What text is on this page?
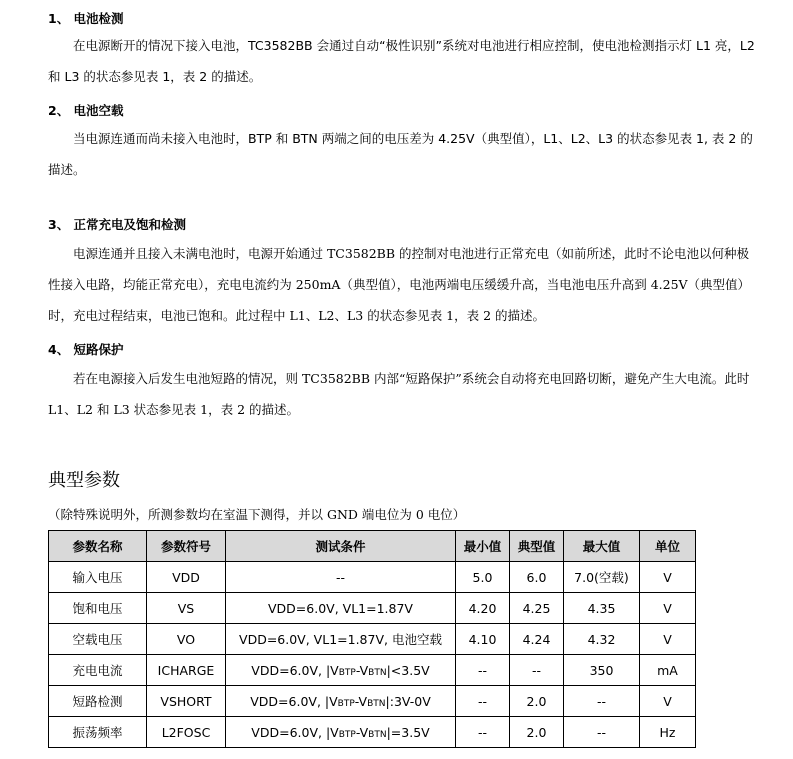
1、 电池检测

在电源断开的情况下接入电池，TC3582BB 会通过自动“极性识别”系统对电池进行相应控制，使电池检测指示灯 L1 亮，L2 和 L3 的状态参见表 1，表 2 的描述。

2、 电池空载

当电源连通而尚未接入电池时，BTP 和 BTN 两端之间的电压差为 4.25V（典型值），L1、L2、L3 的状态参见表 1, 表 2 的描述。

3、 正常充电及饱和检测

电源连通并且接入未满电池时，电源开始通过 TC3582BB 的控制对电池进行正常充电（如前所述，此时不论电池以何种极性接入电路，均能正常充电），充电电流约为 250mA（典型值），电池两端电压缓缓升高，当电池电压升高到 4.25V（典型值）时，充电过程结束，电池已饱和。此过程中 L1、L2、L3 的状态参见表 1，表 2 的描述。

4、 短路保护

若在电源接入后发生电池短路的情况，则 TC3582BB 内部“短路保护”系统会自动将充电回路切断，避免产生大电流。此时 L1、L2 和 L3 状态参见表 1，表 2 的描述。

典型参数
（除特殊说明外，所测参数均在室温下测得，并以 GND 端电位为 0 电位）
参数名称	参数符号	测试条件	最小值	典型值	最大值	单位
输入电压	VDD	--	5.0	6.0	7.0(空载)	V
饱和电压	VS	VDD=6.0V, VL1=1.87V	4.20	4.25	4.35	V
空载电压	VO	VDD=6.0V, VL1=1.87V, 电池空载	4.10	4.24	4.32	V
充电电流	ICHARGE	VDD=6.0V, |VBTP-VBTN|<3.5V	--	--	350	mA
短路检测	VSHORT	VDD=6.0V, |VBTP-VBTN|:3V-0V	--	2.0	--	V
振荡频率	L2FOSC	VDD=6.0V, |VBTP-VBTN|=3.5V	--	2.0	--	Hz
